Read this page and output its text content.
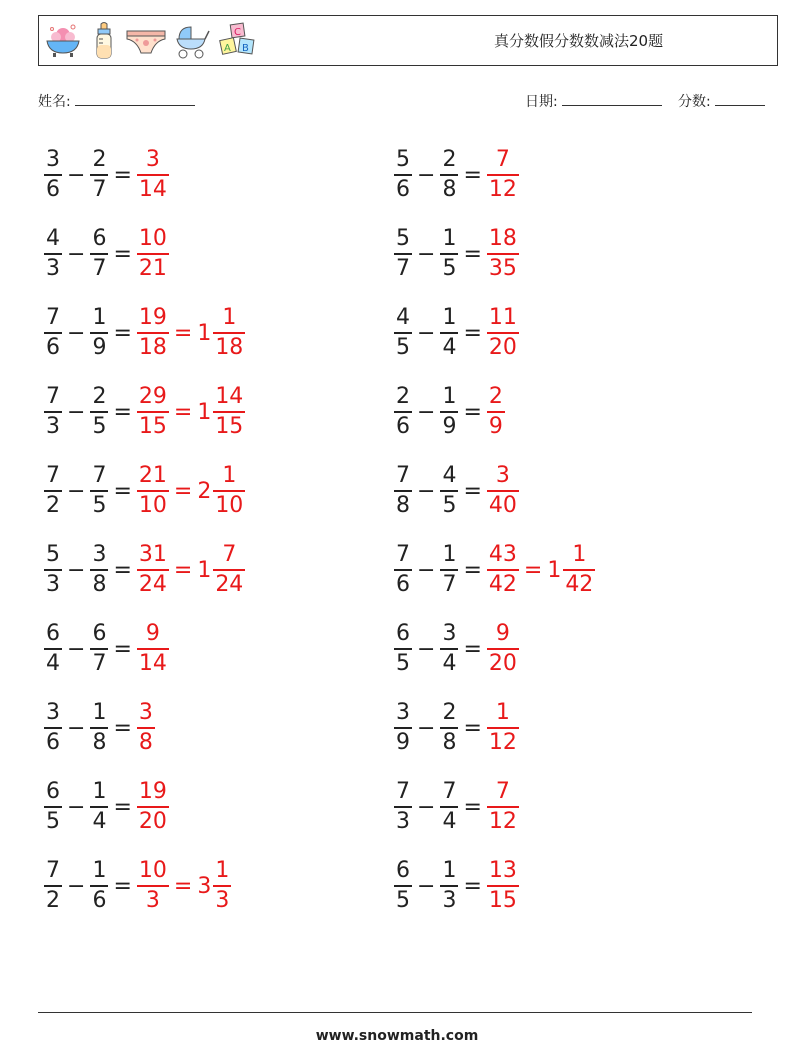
C
A B	真分数假分数数减法20题
姓名:	日期:	分数:
$\frac{3}{6} - \frac{2}{7} = \frac{3}{14}$	$\frac{5}{6} - \frac{2}{8} = \frac{7}{12}$
$\frac{4}{3} - \frac{6}{7} = \frac{10}{21}$	$\frac{5}{7} - \frac{1}{5} = \frac{18}{35}$
$\frac{7}{6} - \frac{1}{9} = \frac{19}{18} = 1 \frac{1}{18}$	$\frac{4}{5} - \frac{1}{4} = \frac{11}{20}$
$\frac{7}{3} - \frac{2}{5} = \frac{29}{15} = 1 \frac{14}{15}$	$\frac{2}{6} - \frac{1}{9} = \frac{2}{9}$
$\frac{7}{2} - \frac{7}{5} = \frac{21}{10} = 2 \frac{1}{10}$	$\frac{7}{8} - \frac{4}{5} = \frac{3}{40}$
$\frac{5}{3} - \frac{3}{8} = \frac{31}{24} = 1 \frac{7}{24}$	$\frac{7}{6} - \frac{1}{7} = \frac{43}{42} = 1 \frac{1}{42}$
$\frac{6}{4} - \frac{6}{7} = \frac{9}{14}$	$\frac{6}{5} - \frac{3}{4} = \frac{9}{20}$
$\frac{3}{6} - \frac{1}{8} = \frac{3}{8}$	$\frac{3}{9} - \frac{2}{8} = \frac{1}{12}$
$\frac{6}{5} - \frac{1}{4} = \frac{19}{20}$	$\frac{7}{3} - \frac{7}{4} = \frac{7}{12}$
$\frac{7}{2} - \frac{1}{6} = \frac{10}{3} = 3 \frac{1}{3}$	$\frac{6}{5} - \frac{1}{3} = \frac{13}{15}$
www.snowmath.com
